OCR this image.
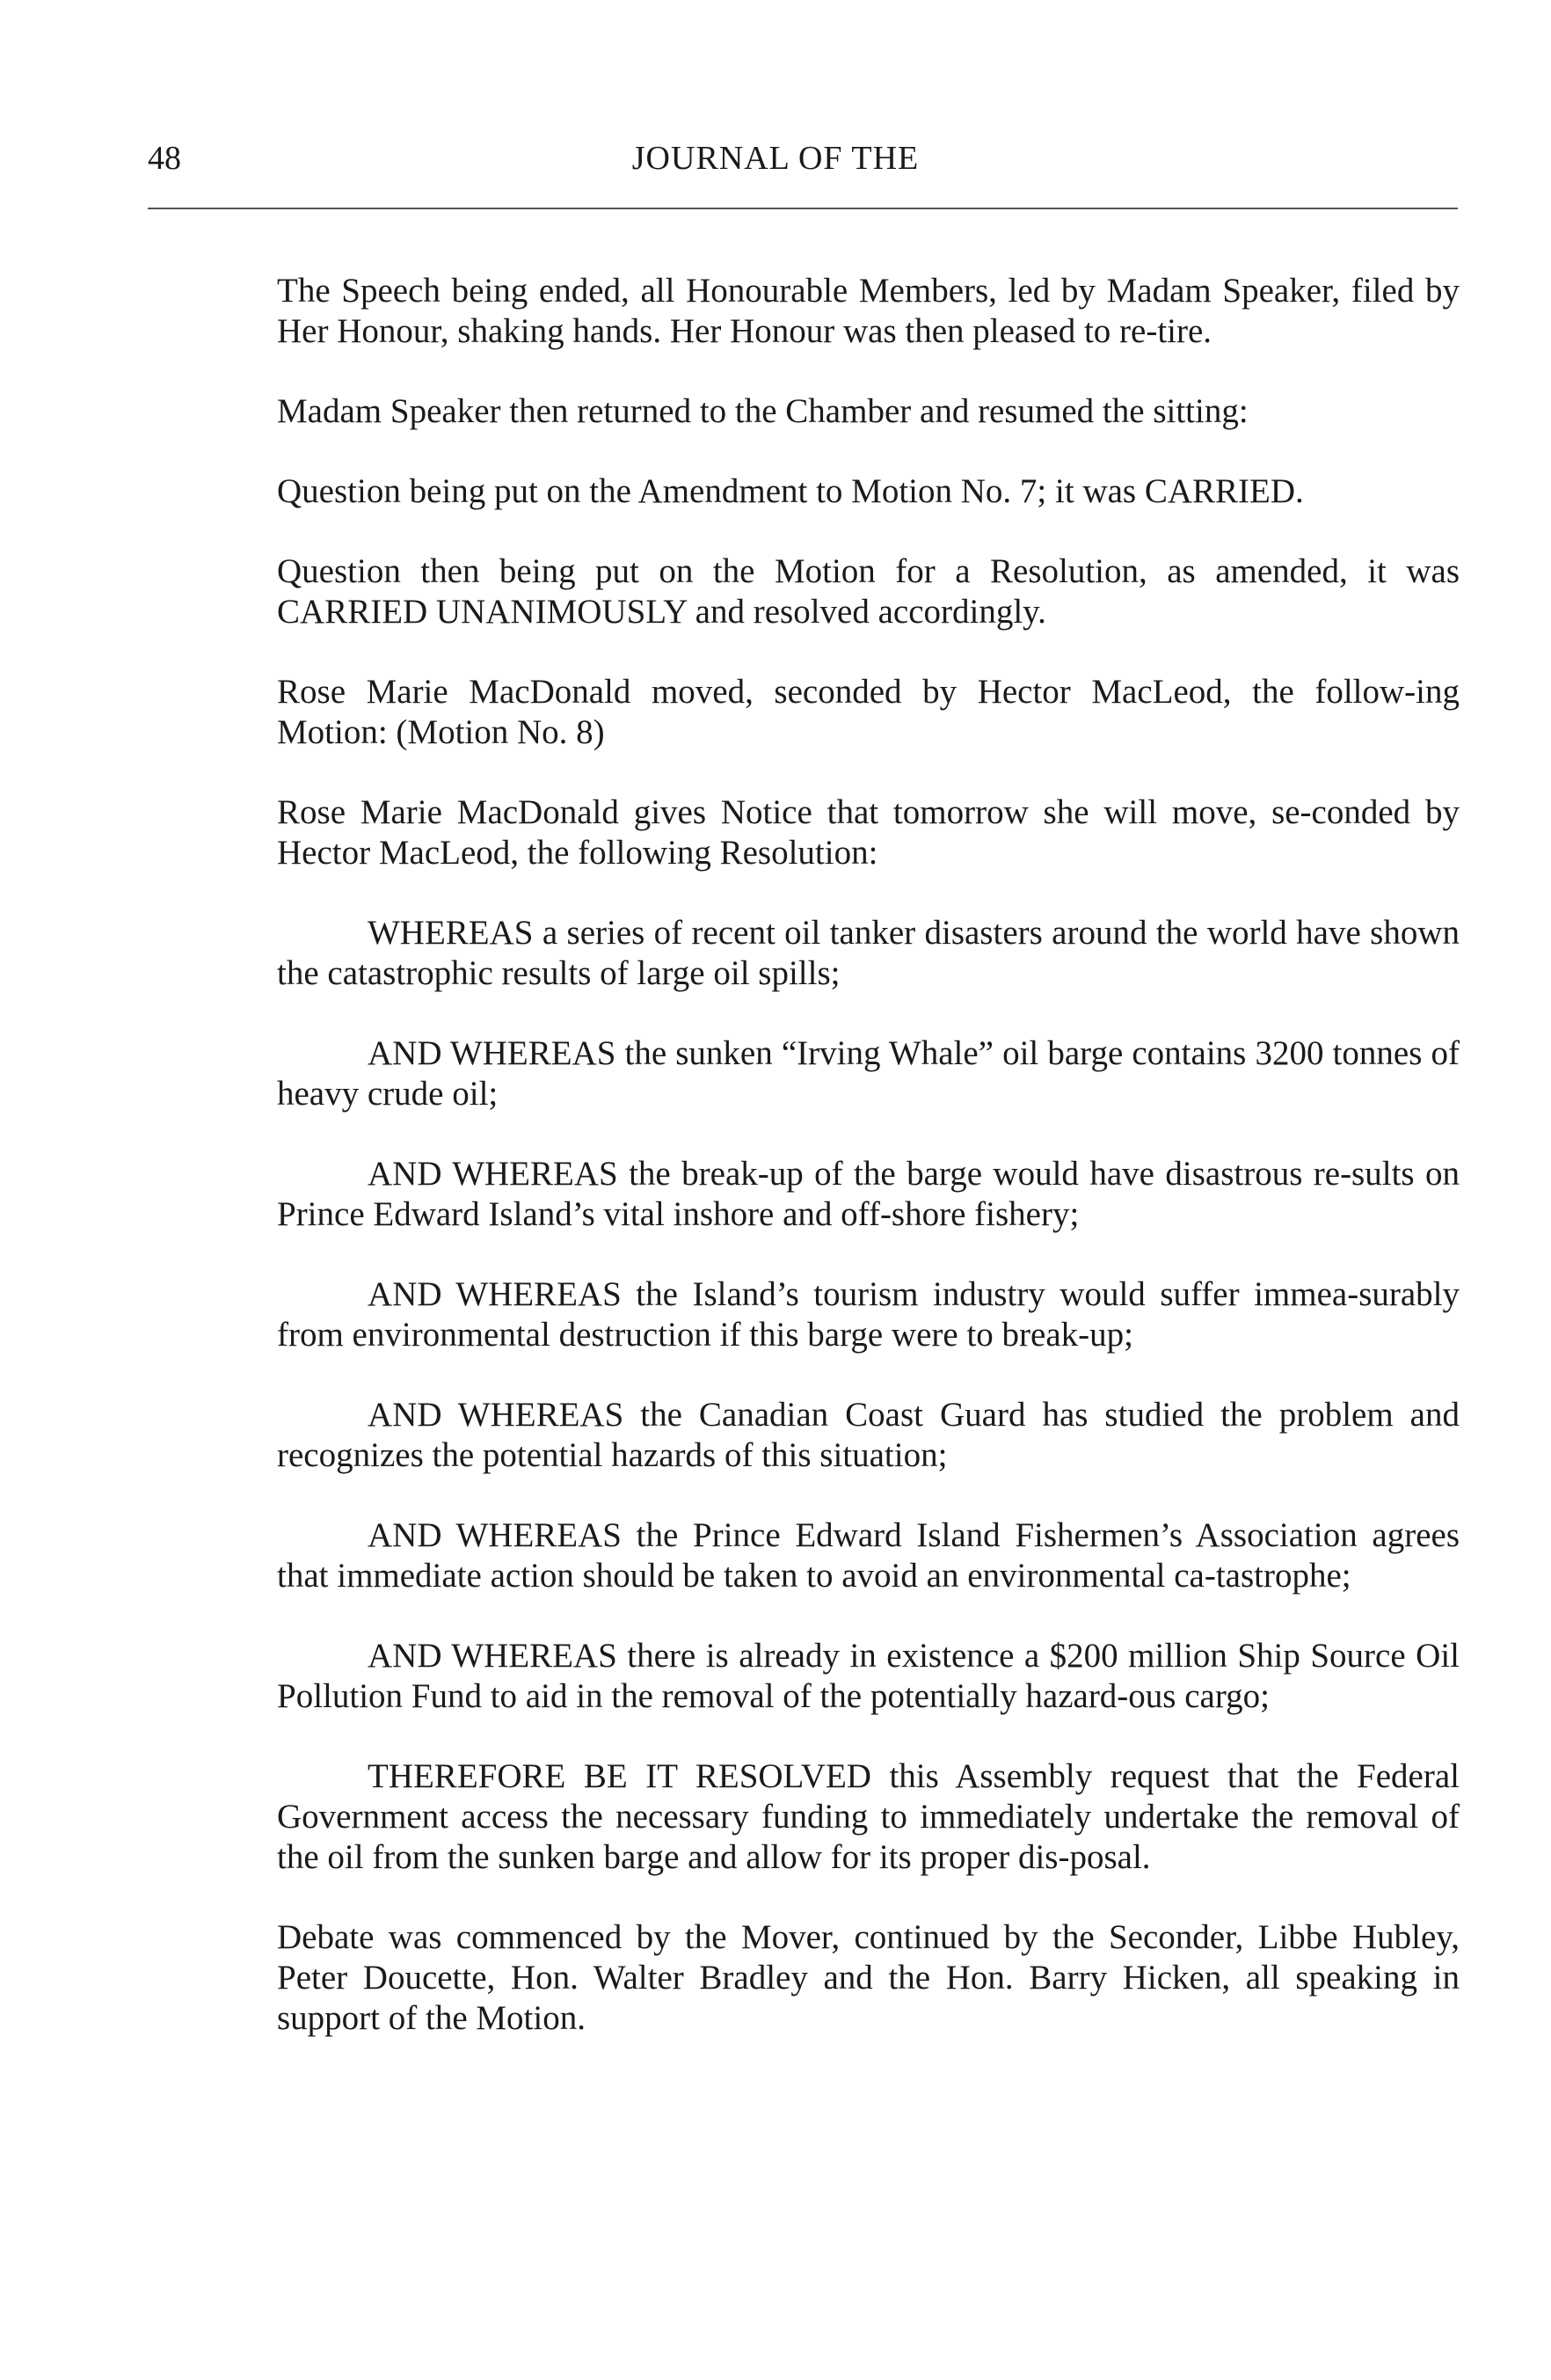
48	JOURNAL OF THE

The Speech being ended, all Honourable Members, led by Madam Speaker, filed by Her Honour, shaking hands. Her Honour was then pleased to re-tire.

Madam Speaker then returned to the Chamber and resumed the sitting:

Question being put on the Amendment to Motion No. 7; it was CARRIED.

Question then being put on the Motion for a Resolution, as amended, it was CARRIED UNANIMOUSLY and resolved accordingly.

Rose Marie MacDonald moved, seconded by Hector MacLeod, the follow-ing Motion: (Motion No. 8)

Rose Marie MacDonald gives Notice that tomorrow she will move, se-conded by Hector MacLeod, the following Resolution:

WHEREAS a series of recent oil tanker disasters around the world have shown the catastrophic results of large oil spills;

AND WHEREAS the sunken “Irving Whale” oil barge contains 3200 tonnes of heavy crude oil;

AND WHEREAS the break-up of the barge would have disastrous re-sults on Prince Edward Island’s vital inshore and off-shore fishery;

AND WHEREAS the Island’s tourism industry would suffer immea-surably from environmental destruction if this barge were to break-up;

AND WHEREAS the Canadian Coast Guard has studied the problem and recognizes the potential hazards of this situation;

AND WHEREAS the Prince Edward Island Fishermen’s Association agrees that immediate action should be taken to avoid an environmental ca-tastrophe;

AND WHEREAS there is already in existence a $200 million Ship Source Oil Pollution Fund to aid in the removal of the potentially hazard-ous cargo;

THEREFORE BE IT RESOLVED this Assembly request that the Federal Government access the necessary funding to immediately undertake the removal of the oil from the sunken barge and allow for its proper dis-posal.

Debate was commenced by the Mover, continued by the Seconder, Libbe Hubley, Peter Doucette, Hon. Walter Bradley and the Hon. Barry Hicken, all speaking in support of the Motion.
